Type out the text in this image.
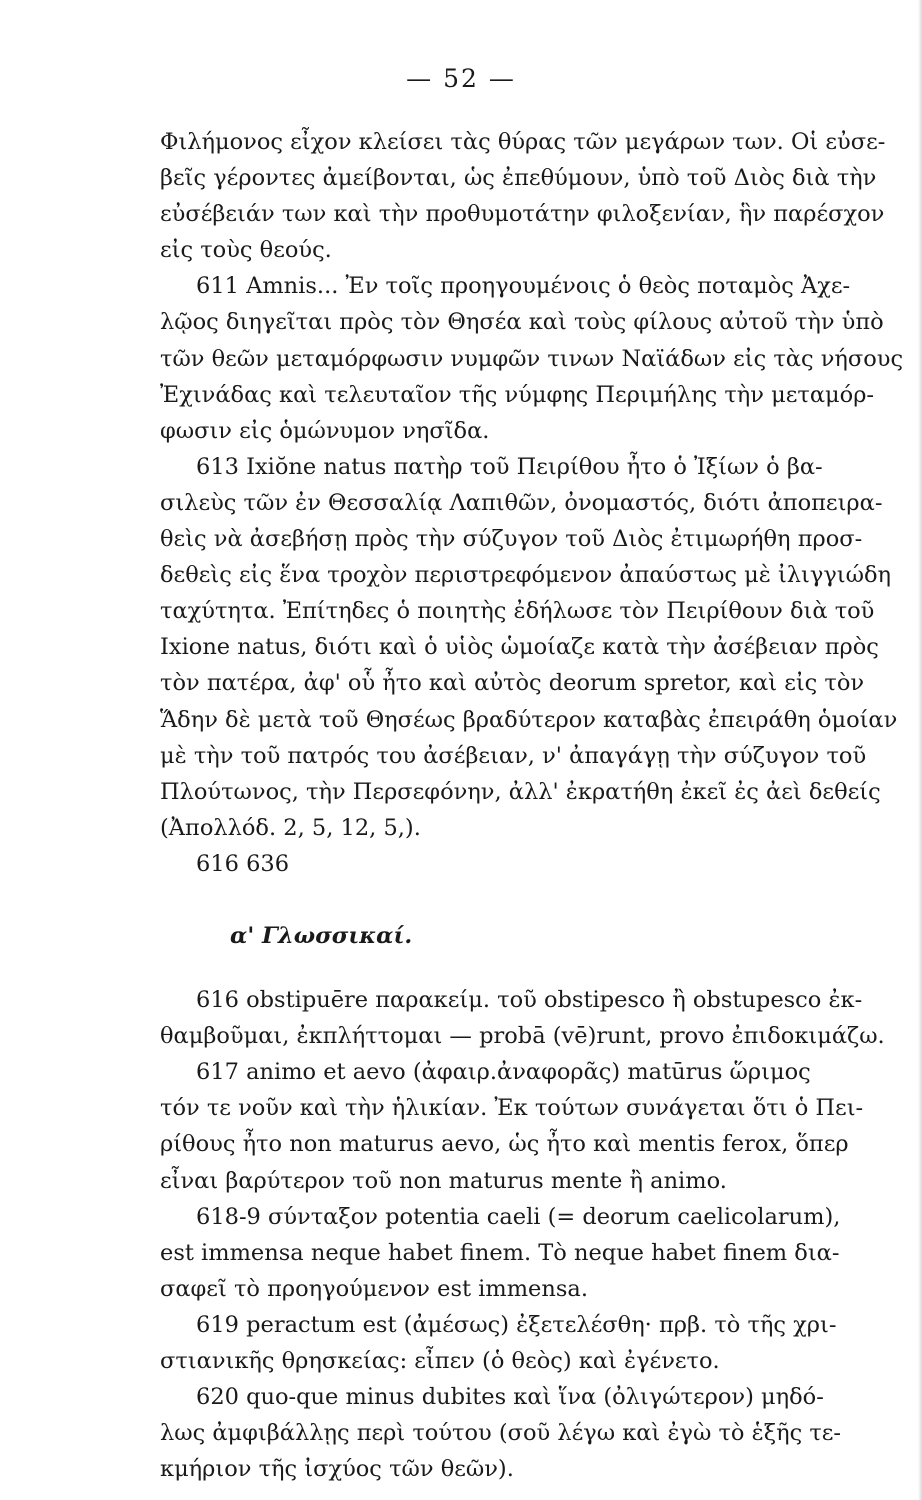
— 52 —
Φιλήμονος εἶχον κλείσει τὰς θύρας τῶν μεγάρων των. Οἱ εὐσε-
βεῖς γέροντες ἀμείβονται, ὡς ἐπεθύμουν, ὑπὸ τοῦ Διὸς διὰ τὴν
εὐσέβειάν των καὶ τὴν προθυμοτάτην φιλοξενίαν, ἣν παρέσχον
εἰς τοὺς θεούς.
611 Amnis... Ἐν τοῖς προηγουμένοις ὁ θεὸς ποταμὸς Ἀχε-
λῷος διηγεῖται πρὸς τὸν Θησέα καὶ τοὺς φίλους αὐτοῦ τὴν ὑπὸ
τῶν θεῶν μεταμόρφωσιν νυμφῶν τινων Ναϊάδων εἰς τὰς νήσους
Ἐχινάδας καὶ τελευταῖον τῆς νύμφης Περιμήλης τὴν μεταμόρ-
φωσιν εἰς ὁμώνυμον νησῖδα.
613 Ixiŏne natus πατὴρ τοῦ Πειρίθου ἦτο ὁ Ἰξίων ὁ βα-
σιλεὺς τῶν ἐν Θεσσαλίᾳ Λαπιθῶν, ὀνομαστός, διότι ἀποπειρα-
θεὶς νὰ ἀσεβήσῃ πρὸς τὴν σύζυγον τοῦ Διὸς ἐτιμωρήθη προσ-
δεθεὶς εἰς ἕνα τροχὸν περιστρεφόμενον ἀπαύστως μὲ ἰλιγγιώδη
ταχύτητα. Ἐπίτηδες ὁ ποιητὴς ἐδήλωσε τὸν Πειρίθουν διὰ τοῦ
Ixione natus, διότι καὶ ὁ υἱὸς ὡμοίαζε κατὰ τὴν ἀσέβειαν πρὸς
τὸν πατέρα, ἀφ' οὗ ἦτο καὶ αὐτὸς deorum spretor, καὶ εἰς τὸν
Ἅδην δὲ μετὰ τοῦ Θησέως βραδύτερον καταβὰς ἐπειράθη ὁμοίαν
μὲ τὴν τοῦ πατρός του ἀσέβειαν, ν' ἀπαγάγῃ τὴν σύζυγον τοῦ
Πλούτωνος, τὴν Περσεφόνην, ἀλλ' ἐκρατήθη ἐκεῖ ἐς ἀεὶ δεθείς
(Ἀπολλόδ. 2, 5, 12, 5,).
616 636
α' Γλωσσικαί.
616 obstipuēre παρακείμ. τοῦ obstipesco ἢ obstupesco ἐκ-
θαμβοῦμαι, ἐκπλήττομαι — probā (vē)runt, provo ἐπιδοκιμάζω.
617 animo et aevo (ἀφαιρ.ἀναφορᾶς) matūrus ὥριμος
τόν τε νοῦν καὶ τὴν ἡλικίαν. Ἐκ τούτων συνάγεται ὅτι ὁ Πει-
ρίθους ἦτο non maturus aevo, ὡς ἦτο καὶ mentis ferox, ὅπερ
εἶναι βαρύτερον τοῦ non maturus mente ἢ animo.
618-9 σύνταξον potentia caeli (= deorum caelicolarum),
est immensa neque habet finem. Τὸ neque habet finem δια-
σαφεῖ τὸ προηγούμενον est immensa.
619 peractum est (ἀμέσως) ἐξετελέσθη· πρβ. τὸ τῆς χρι-
στιανικῆς θρησκείας: εἶπεν (ὁ θεὸς) καὶ ἐγένετο.
620 quo-que minus dubites καὶ ἵνα (ὀλιγώτερον) μηδό-
λως ἀμφιβάλλῃς περὶ τούτου (σοῦ λέγω καὶ ἐγὼ τὸ ἑξῆς τε-
κμήριον τῆς ἰσχύος τῶν θεῶν).
